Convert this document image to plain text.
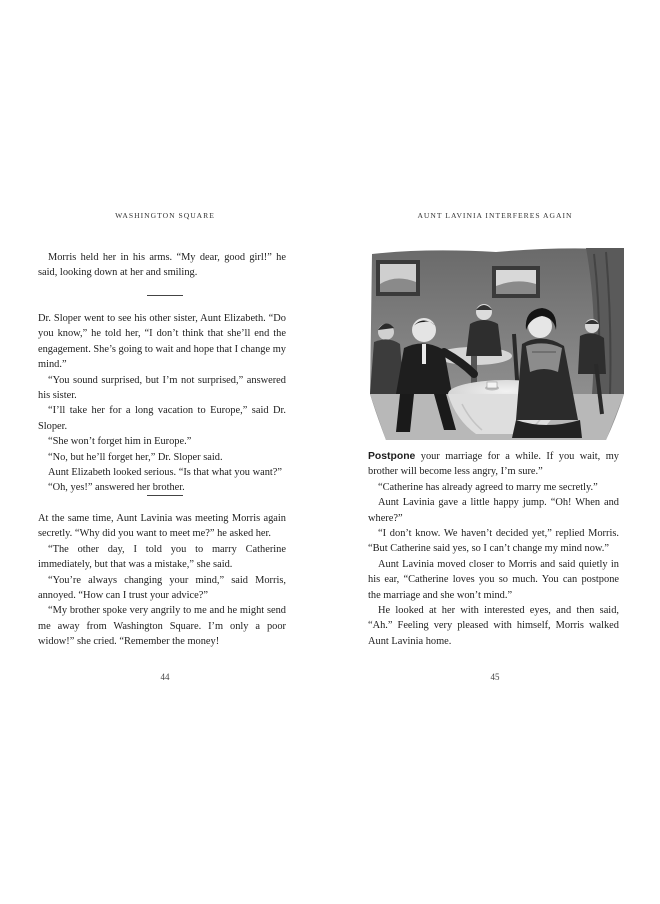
WASHINGTON SQUARE

Morris held her in his arms. “My dear, good girl!” he said, looking down at her and smiling.

Dr. Sloper went to see his other sister, Aunt Elizabeth. “Do you know,” he told her, “I don’t think that she’ll end the engagement. She’s going to wait and hope that I change my mind.”

“You sound surprised, but I’m not surprised,” answered his sister.

“I’ll take her for a long vacation to Europe,” said Dr. Sloper.

“She won’t forget him in Europe.”

“No, but he’ll forget her,” Dr. Sloper said.

Aunt Elizabeth looked serious. “Is that what you want?”

“Oh, yes!” answered her brother.

At the same time, Aunt Lavinia was meeting Morris again secretly. “Why did you want to meet me?” he asked her.

“The other day, I told you to marry Catherine immediately, but that was a mistake,” she said.

“You’re always changing your mind,” said Morris, annoyed. “How can I trust your advice?”

“My brother spoke very angrily to me and he might send me away from Washington Square. I’m only a poor widow!” she cried. “Remember the money!

44
AUNT LAVINIA INTERFERES AGAIN

Postpone your marriage for a while. If you wait, my brother will become less angry, I’m sure.”

“Catherine has already agreed to marry me secretly.”

Aunt Lavinia gave a little happy jump. “Oh! When and where?”

“I don’t know. We haven’t decided yet,” replied Morris. “But Catherine said yes, so I can’t change my mind now.”

Aunt Lavinia moved closer to Morris and said quietly in his ear, “Catherine loves you so much. You can postpone the marriage and she won’t mind.”

He looked at her with interested eyes, and then said, “Ah.” Feeling very pleased with himself, Morris walked Aunt Lavinia home.

45
